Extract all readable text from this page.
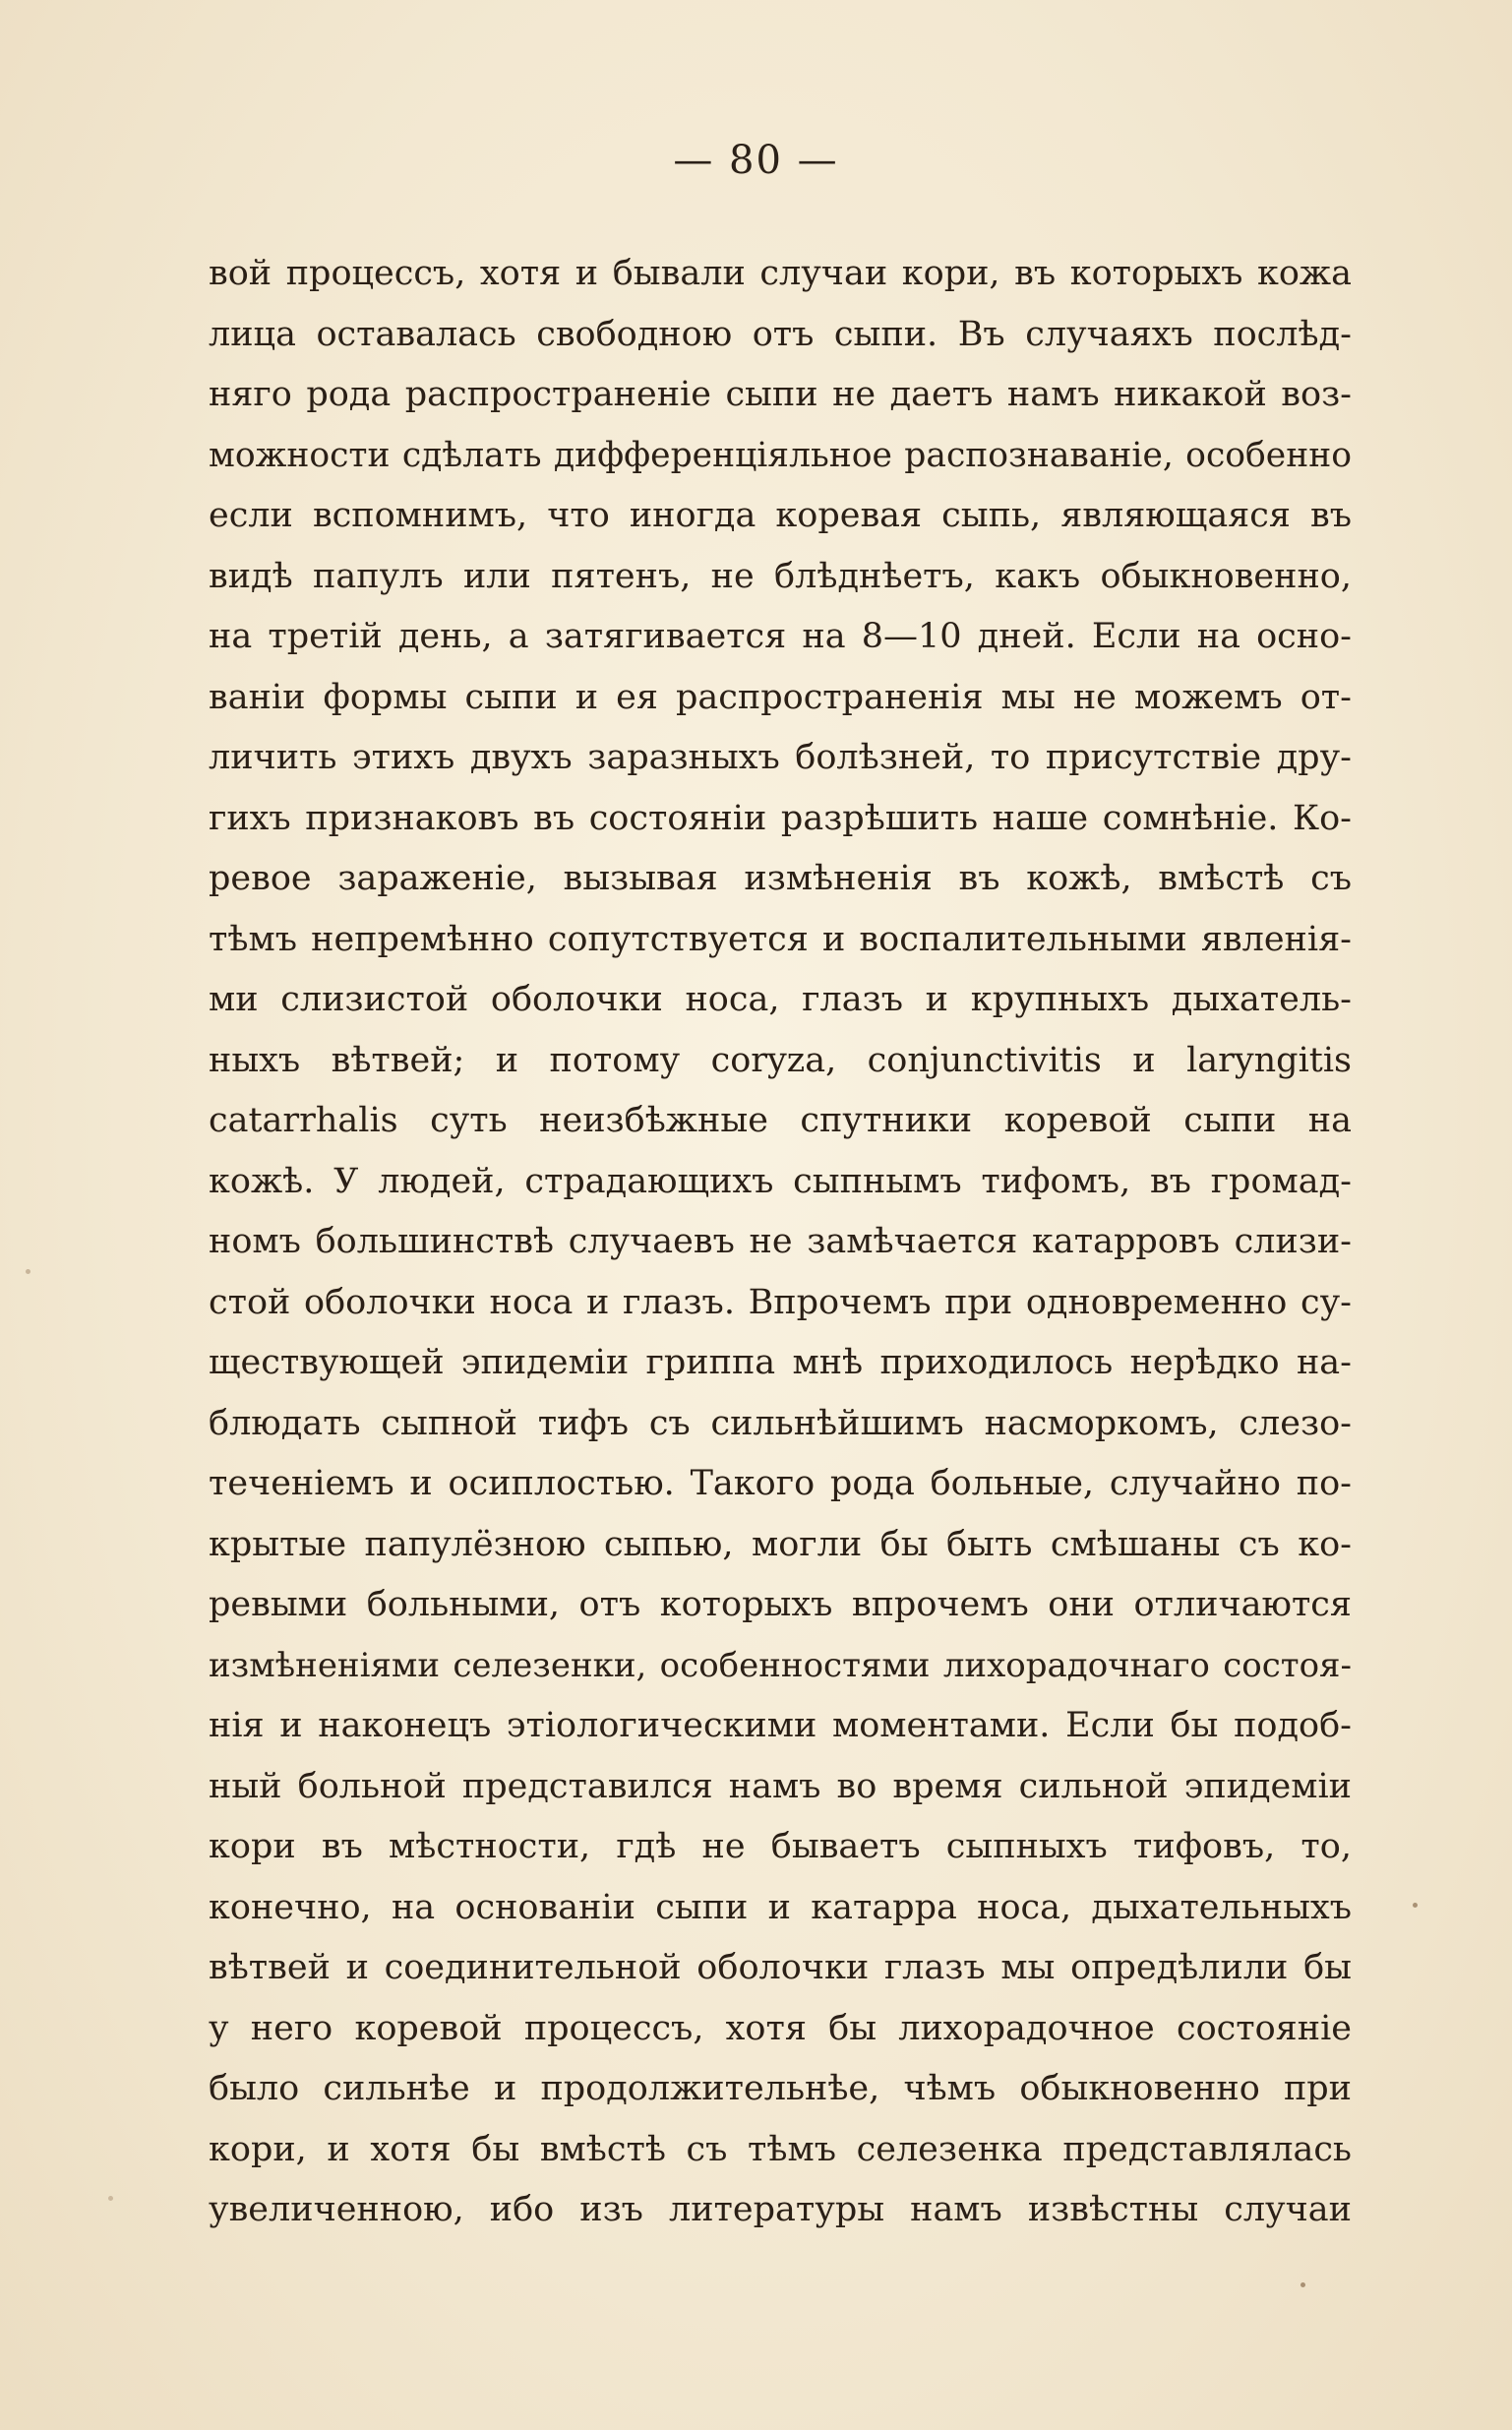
— 80 —
вой процессъ, хотя и бывали случаи кори, въ которыхъ кожа
лица оставалась свободною отъ сыпи. Въ случаяхъ послѣд-
няго рода распространеніе сыпи не даетъ намъ никакой воз-
можности сдѣлать дифференціяльное распознаваніе, особенно
если вспомнимъ, что иногда коревая сыпь, являющаяся въ
видѣ папулъ или пятенъ, не блѣднѣетъ, какъ обыкновенно,
на третій день, а затягивается на 8—10 дней. Если на осно-
ваніи формы сыпи и ея распространенія мы не можемъ от-
личить этихъ двухъ заразныхъ болѣзней, то присутствіе дру-
гихъ признаковъ въ состояніи разрѣшить наше сомнѣніе. Ко-
ревое зараженіе, вызывая измѣненія въ кожѣ, вмѣстѣ съ
тѣмъ непремѣнно сопутствуется и воспалительными явленія-
ми слизистой оболочки носа, глазъ и крупныхъ дыхатель-
ныхъ вѣтвей; и потому coryza, conjunctivitis и laryngitis
catarrhalis суть неизбѣжные спутники коревой сыпи на
кожѣ. У людей, страдающихъ сыпнымъ тифомъ, въ громад-
номъ большинствѣ случаевъ не замѣчается катарровъ слизи-
стой оболочки носа и глазъ. Впрочемъ при одновременно су-
ществующей эпидеміи гриппа мнѣ приходилось нерѣдко на-
блюдать сыпной тифъ съ сильнѣйшимъ насморкомъ, слезо-
теченіемъ и осиплостью. Такого рода больные, случайно по-
крытые папулёзною сыпью, могли бы быть смѣшаны съ ко-
ревыми больными, отъ которыхъ впрочемъ они отличаются
измѣненіями селезенки, особенностями лихорадочнаго состоя-
нія и наконецъ этіологическими моментами. Если бы подоб-
ный больной представился намъ во время сильной эпидеміи
кори въ мѣстности, гдѣ не бываетъ сыпныхъ тифовъ, то,
конечно, на основаніи сыпи и катарра носа, дыхательныхъ
вѣтвей и соединительной оболочки глазъ мы опредѣлили бы
у него коревой процессъ, хотя бы лихорадочное состояніе
было сильнѣе и продолжительнѣе, чѣмъ обыкновенно при
кори, и хотя бы вмѣстѣ съ тѣмъ селезенка представлялась
увеличенною, ибо изъ литературы намъ извѣстны случаи
